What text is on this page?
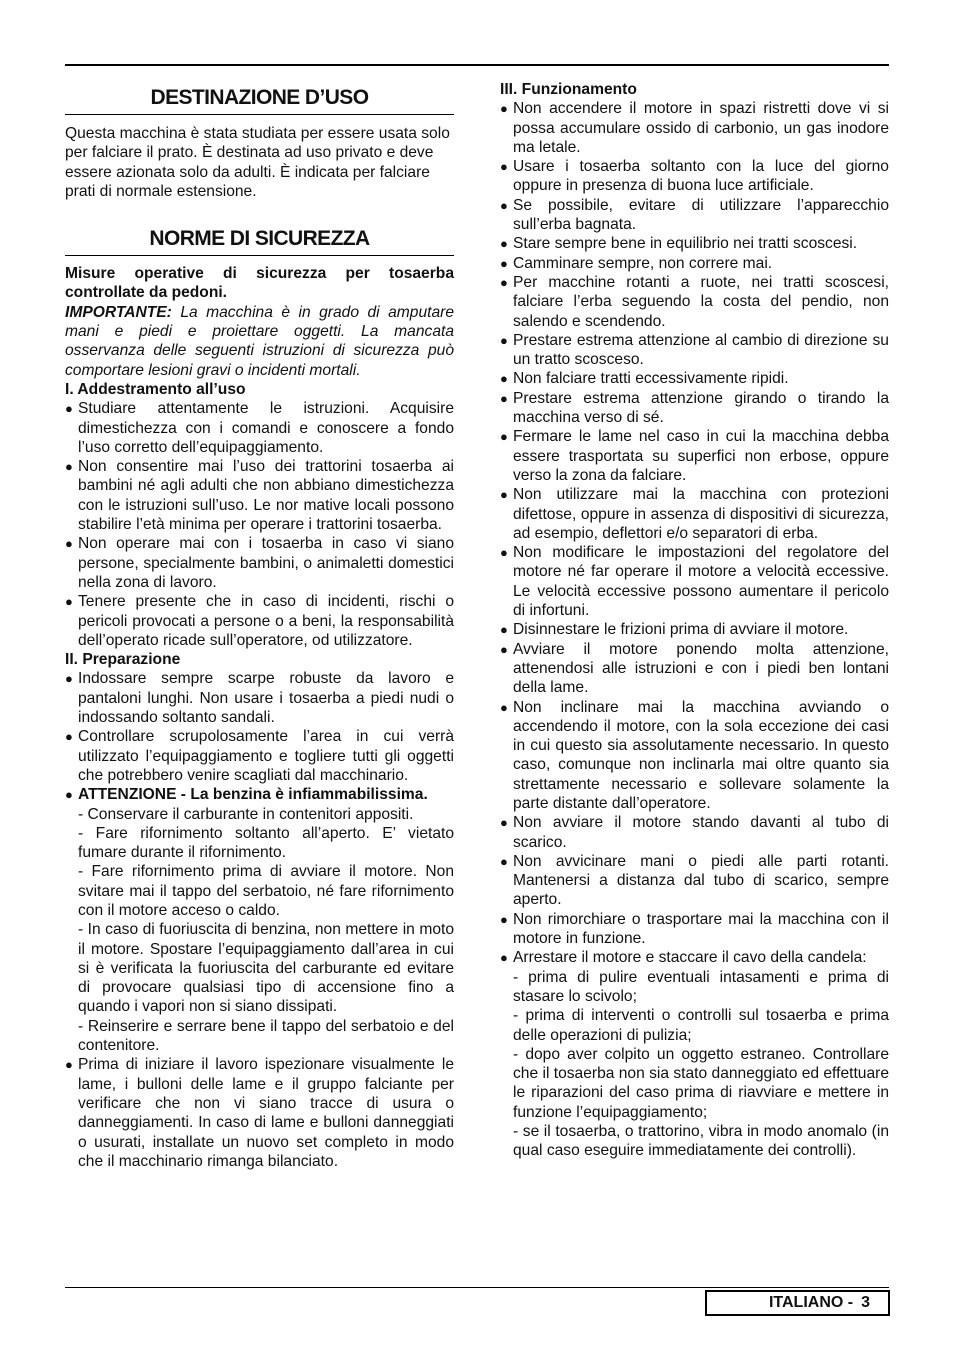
DESTINAZIONE D’USO

Questa macchina è stata studiata per essere usata solo per falciare il prato. È destinata ad uso privato e deve essere azionata solo da adulti. È indicata per falciare prati di normale estensione.

NORME DI SICUREZZA

Misure operative di sicurezza per tosaerba controllate da pedoni.

IMPORTANTE: La macchina è in grado di amputare mani e piedi e proiettare oggetti. La mancata osservanza delle seguenti istruzioni di sicurezza può comportare lesioni gravi o incidenti mortali.

I. Addestramento all’uso

● Studiare attentamente le istruzioni. Acquisire dimestichezza con i comandi e conoscere a fondo l’uso corretto dell’equipaggiamento.
● Non consentire mai l’uso dei trattorini tosaerba ai bambini né agli adulti che non abbiano dimestichezza con le istruzioni sull’uso. Le nor mative locali possono stabilire l’età minima per operare i trattorini tosaerba.
● Non operare mai con i tosaerba in caso vi siano persone, specialmente bambini, o animaletti domestici nella zona di lavoro.
● Tenere presente che in caso di incidenti, rischi o pericoli provocati a persone o a beni, la responsabilità dell’operato ricade sull’operatore, od utilizzatore.

II. Preparazione

● Indossare sempre scarpe robuste da lavoro e pantaloni lunghi. Non usare i tosaerba a piedi nudi o indossando soltanto sandali.
● Controllare scrupolosamente l’area in cui verrà utilizzato l’equipaggiamento e togliere tutti gli oggetti che potrebbero venire scagliati dal macchinario.
● ATTENZIONE - La benzina è infiammabilissima.

- Conservare il carburante in contenitori appositi.

- Fare rifornimento soltanto all’aperto. E’ vietato fumare durante il rifornimento.

- Fare rifornimento prima di avviare il motore. Non svitare mai il tappo del serbatoio, né fare rifornimento con il motore acceso o caldo.

- In caso di fuoriuscita di benzina, non mettere in moto il motore. Spostare l’equipaggiamento dall’area in cui si è verificata la fuoriuscita del carburante ed evitare di provocare qualsiasi tipo di accensione fino a quando i vapori non si siano dissipati.

- Reinserire e serrare bene il tappo del serbatoio e del contenitore.

● Prima di iniziare il lavoro ispezionare visualmente le lame, i bulloni delle lame e il gruppo falciante per verificare che non vi siano tracce di usura o danneggiamenti. In caso di lame e bulloni danneggiati o usurati, installate un nuovo set completo in modo che il macchinario rimanga bilanciato.

III. Funzionamento

● Non accendere il motore in spazi ristretti dove vi si possa accumulare ossido di carbonio, un gas inodore ma letale.
● Usare i tosaerba soltanto con la luce del giorno oppure in presenza di buona luce artificiale.
● Se possibile, evitare di utilizzare l’apparecchio sull’erba bagnata.
● Stare sempre bene in equilibrio nei tratti scoscesi.
● Camminare sempre, non correre mai.
● Per macchine rotanti a ruote, nei tratti scoscesi, falciare l’erba seguendo la costa del pendio, non salendo e scendendo.
● Prestare estrema attenzione al cambio di direzione su un tratto scosceso.
● Non falciare tratti eccessivamente ripidi.
● Prestare estrema attenzione girando o tirando la macchina verso di sé.
● Fermare le lame nel caso in cui la macchina debba essere trasportata su superfici non erbose, oppure verso la zona da falciare.
● Non utilizzare mai la macchina con protezioni difettose, oppure in assenza di dispositivi di sicurezza, ad esempio, deflettori e/o separatori di erba.
● Non modificare le impostazioni del regolatore del motore né far operare il motore a velocità eccessive. Le velocità eccessive possono aumentare il pericolo di infortuni.
● Disinnestare le frizioni prima di avviare il motore.
● Avviare il motore ponendo molta attenzione, attenendosi alle istruzioni e con i piedi ben lontani della lame.
● Non inclinare mai la macchina avviando o accendendo il motore, con la sola eccezione dei casi in cui questo sia assolutamente necessario. In questo caso, comunque non inclinarla mai oltre quanto sia strettamente necessario e sollevare solamente la parte distante dall’operatore.
● Non avviare il motore stando davanti al tubo di scarico.
● Non avvicinare mani o piedi alle parti rotanti. Mantenersi a distanza dal tubo di scarico, sempre aperto.
● Non rimorchiare o trasportare mai la macchina con il motore in funzione.
● Arrestare il motore e staccare il cavo della candela:

- prima di pulire eventuali intasamenti e prima di stasare lo scivolo;

- prima di interventi o controlli sul tosaerba e prima delle operazioni di pulizia;

- dopo aver colpito un oggetto estraneo. Controllare che il tosaerba non sia stato danneggiato ed effettuare le riparazioni del caso prima di riavviare e mettere in funzione l’equipaggiamento;

- se il tosaerba, o trattorino, vibra in modo anomalo (in qual caso eseguire immediatamente dei controlli).

ITALIANO - 3
